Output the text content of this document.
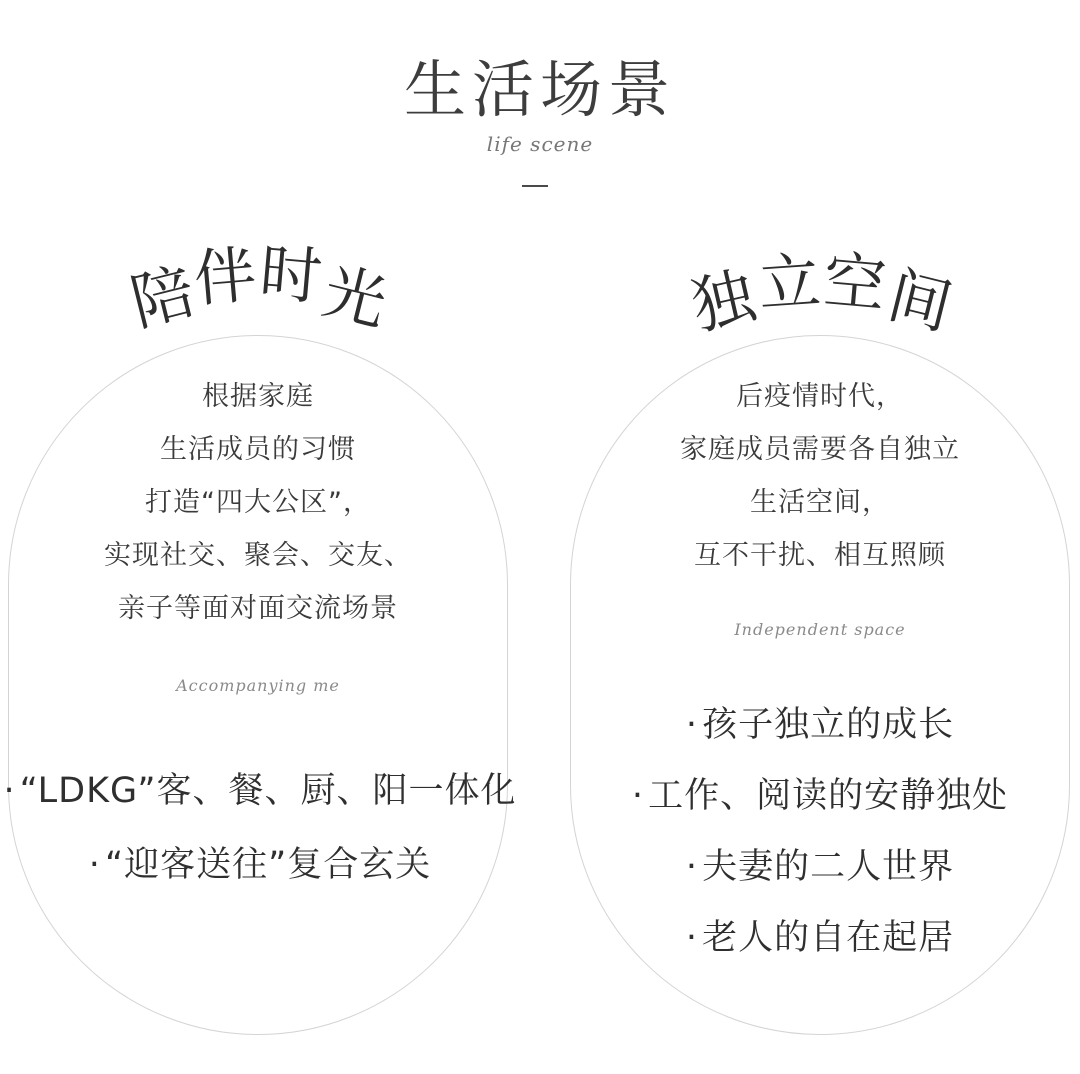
生活场景
life scene
陪
伴
时
光	独
立
空
间
根据家庭
生活成员的习惯
打造“四大公区”，
实现社交、聚会、交友、
亲子等面对面交流场景
Accompanying me
· “LDKG”客、餐、厨、阳一体化
· “迎客送往”复合玄关
后疫情时代，
家庭成员需要各自独立
生活空间，
互不干扰、相互照顾
Independent space
· 孩子独立的成长
· 工作、阅读的安静独处
· 夫妻的二人世界
· 老人的自在起居
